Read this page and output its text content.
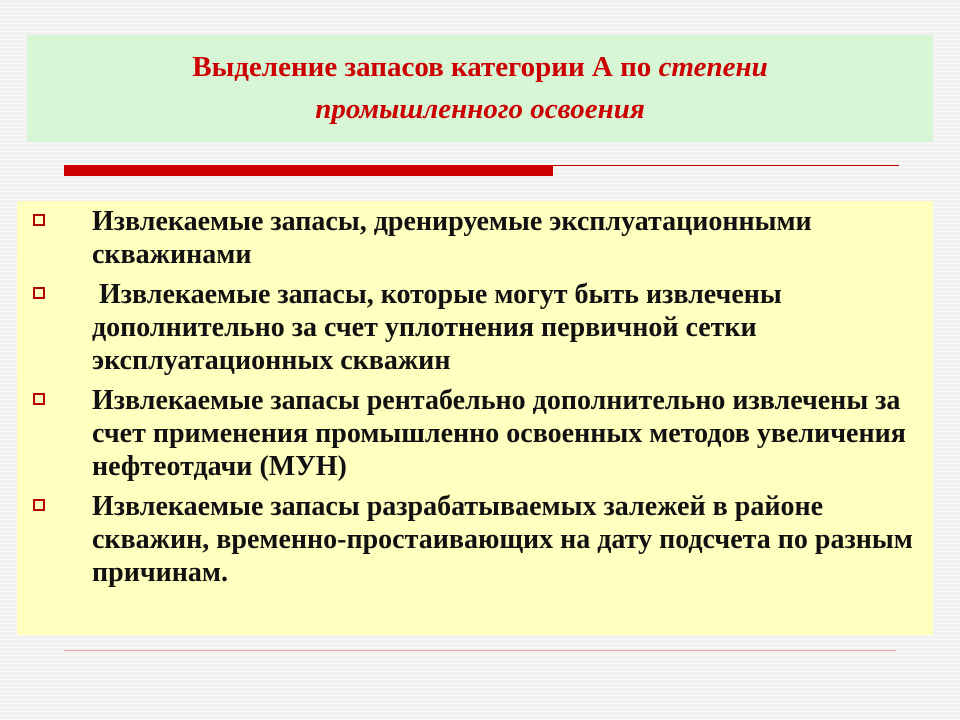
Выделение запасов категории А по степени
промышленного освоения
Извлекаемые запасы, дренируемые эксплуатационными скважинами
Извлекаемые запасы, которые могут быть извлечены дополнительно за счет уплотнения первичной сетки эксплуатационных скважин
Извлекаемые запасы рентабельно дополнительно извлечены за счет применения промышленно освоенных методов увеличения нефтеотдачи (МУН)
Извлекаемые запасы разрабатываемых залежей в районе скважин, временно-простаивающих на дату подсчета по разным причинам.
